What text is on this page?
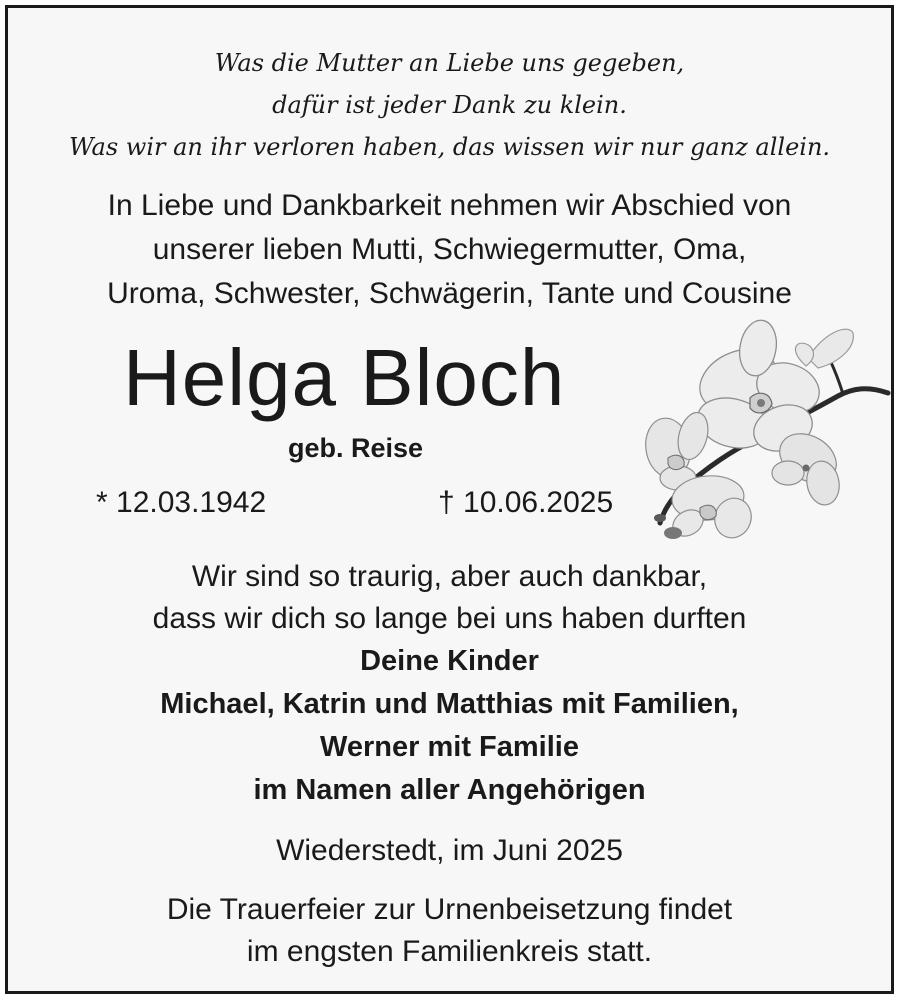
Was die Mutter an Liebe uns gegeben,
dafür ist jeder Dank zu klein.
Was wir an ihr verloren haben, das wissen wir nur ganz allein.
In Liebe und Dankbarkeit nehmen wir Abschied von
unserer lieben Mutti, Schwiegermutter, Oma,
Uroma, Schwester, Schwägerin, Tante und Cousine
Helga Bloch
geb. Reise
* 12.03.1942	† 10.06.2025
Wir sind so traurig, aber auch dankbar,
dass wir dich so lange bei uns haben durften
Deine Kinder
Michael, Katrin und Matthias mit Familien,
Werner mit Familie
im Namen aller Angehörigen
Wiederstedt, im Juni 2025
Die Trauerfeier zur Urnenbeisetzung findet
im engsten Familienkreis statt.
